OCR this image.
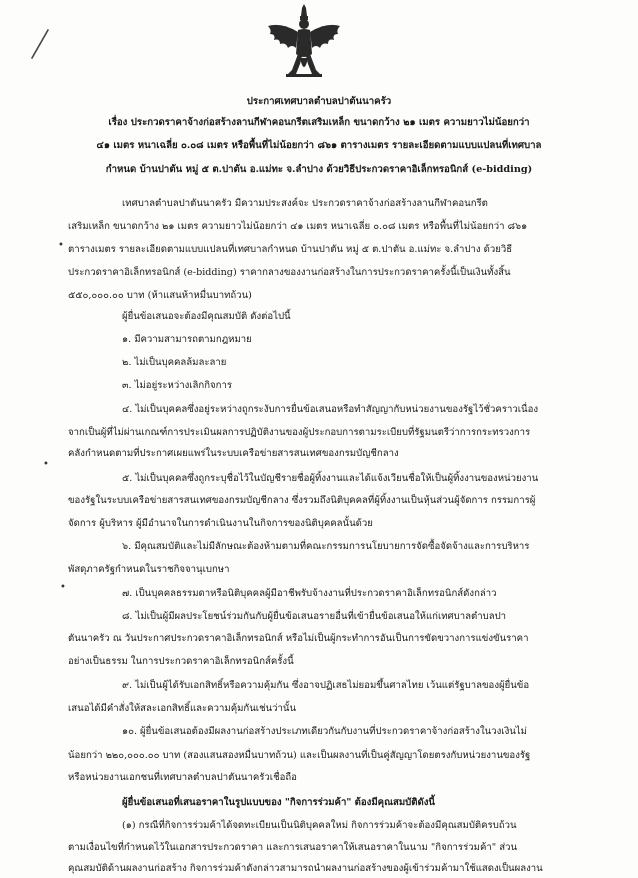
ประกาศเทศบาลตำบลปาตันนาครัว
เรื่อง ประกวดราคาจ้างก่อสร้างลานกีฬาคอนกรีตเสริมเหล็ก ขนาดกว้าง ๒๑ เมตร ความยาวไม่น้อยกว่า
๔๑ เมตร หนาเฉลี่ย ๐.๐๘ เมตร หรือพื้นที่ไม่น้อยกว่า ๘๖๑ ตารางเมตร รายละเอียดตามแบบแปลนที่เทศบาล
กำหนด บ้านปาตัน หมู่ ๕ ต.ปาตัน อ.แม่ทะ จ.ลำปาง ด้วยวิธีประกวดราคาอิเล็กทรอนิกส์ (e-bidding)
•
•
•
เทศบาลตำบลปาตันนาครัว มีความประสงค์จะ ประกวดราคาจ้างก่อสร้างลานกีฬาคอนกรีต
เสริมเหล็ก ขนาดกว้าง ๒๑ เมตร ความยาวไม่น้อยกว่า ๔๑ เมตร หนาเฉลี่ย ๐.๐๘ เมตร หรือพื้นที่ไม่น้อยกว่า ๘๖๑
ตารางเมตร รายละเอียดตามแบบแปลนที่เทศบาลกำหนด บ้านปาตัน หมู่ ๕ ต.ปาตัน อ.แม่ทะ จ.ลำปาง ด้วยวิธี
ประกวดราคาอิเล็กทรอนิกส์ (e-bidding) ราคากลางของงานก่อสร้างในการประกวดราคาครั้งนี้เป็นเงินทั้งสิ้น
๕๕๐,๐๐๐.๐๐ บาท (ห้าแสนห้าหมื่นบาทถ้วน)
ผู้ยื่นข้อเสนอจะต้องมีคุณสมบัติ ดังต่อไปนี้
๑. มีความสามารถตามกฎหมาย
๒. ไม่เป็นบุคคลล้มละลาย
๓. ไม่อยู่ระหว่างเลิกกิจการ
๔. ไม่เป็นบุคคลซึ่งอยู่ระหว่างถูกระงับการยื่นข้อเสนอหรือทำสัญญากับหน่วยงานของรัฐไว้ชั่วคราวเนื่อง
จากเป็นผู้ที่ไม่ผ่านเกณฑ์การประเมินผลการปฏิบัติงานของผู้ประกอบการตามระเบียบที่รัฐมนตรีว่าการกระทรวงการ
คลังกำหนดตามที่ประกาศเผยแพร่ในระบบเครือข่ายสารสนเทศของกรมบัญชีกลาง
๕. ไม่เป็นบุคคลซึ่งถูกระบุชื่อไว้ในบัญชีรายชื่อผู้ทิ้งงานและได้แจ้งเวียนชื่อให้เป็นผู้ทิ้งงานของหน่วยงาน
ของรัฐในระบบเครือข่ายสารสนเทศของกรมบัญชีกลาง ซึ่งรวมถึงนิติบุคคลที่ผู้ทิ้งงานเป็นหุ้นส่วนผู้จัดการ กรรมการผู้
จัดการ ผู้บริหาร ผู้มีอำนาจในการดำเนินงานในกิจการของนิติบุคคลนั้นด้วย
๖. มีคุณสมบัติและไม่มีลักษณะต้องห้ามตามที่คณะกรรมการนโยบายการจัดซื้อจัดจ้างและการบริหาร
พัสดุภาครัฐกำหนดในราชกิจจานุเบกษา
๗. เป็นบุคคลธรรมดาหรือนิติบุคคลผู้มีอาชีพรับจ้างงานที่ประกวดราคาอิเล็กทรอนิกส์ดังกล่าว
๘. ไม่เป็นผู้มีผลประโยชน์ร่วมกันกับผู้ยื่นข้อเสนอรายอื่นที่เข้ายื่นข้อเสนอให้แก่เทศบาลตำบลปา
ตันนาครัว ณ วันประกาศประกวดราคาอิเล็กทรอนิกส์ หรือไม่เป็นผู้กระทำการอันเป็นการขัดขวางการแข่งขันราคา
อย่างเป็นธรรม ในการประกวดราคาอิเล็กทรอนิกส์ครั้งนี้
๙. ไม่เป็นผู้ได้รับเอกสิทธิ์หรือความคุ้มกัน ซึ่งอาจปฏิเสธไม่ยอมขึ้นศาลไทย เว้นแต่รัฐบาลของผู้ยื่นข้อ
เสนอได้มีคำสั่งให้สละเอกสิทธิ์และความคุ้มกันเช่นว่านั้น
๑๐. ผู้ยื่นข้อเสนอต้องมีผลงานก่อสร้างประเภทเดียวกันกับงานที่ประกวดราคาจ้างก่อสร้างในวงเงินไม่
น้อยกว่า ๒๒๐,๐๐๐.๐๐ บาท (สองแสนสองหมื่นบาทถ้วน) และเป็นผลงานที่เป็นคู่สัญญาโดยตรงกับหน่วยงานของรัฐ
หรือหน่วยงานเอกชนที่เทศบาลตำบลปาตันนาครัวเชื่อถือ
ผู้ยื่นข้อเสนอที่เสนอราคาในรูปแบบของ "กิจการร่วมค้า" ต้องมีคุณสมบัติดังนี้
(๑) กรณีที่กิจการร่วมค้าได้จดทะเบียนเป็นนิติบุคคลใหม่ กิจการร่วมค้าจะต้องมีคุณสมบัติครบถ้วน
ตามเงื่อนไขที่กำหนดไว้ในเอกสารประกวดราคา และการเสนอราคาให้เสนอราคาในนาม "กิจการร่วมค้า" ส่วน
คุณสมบัติด้านผลงานก่อสร้าง กิจการร่วมค้าดังกล่าวสามารถนำผลงานก่อสร้างของผู้เข้าร่วมค้ามาใช้แสดงเป็นผลงาน
